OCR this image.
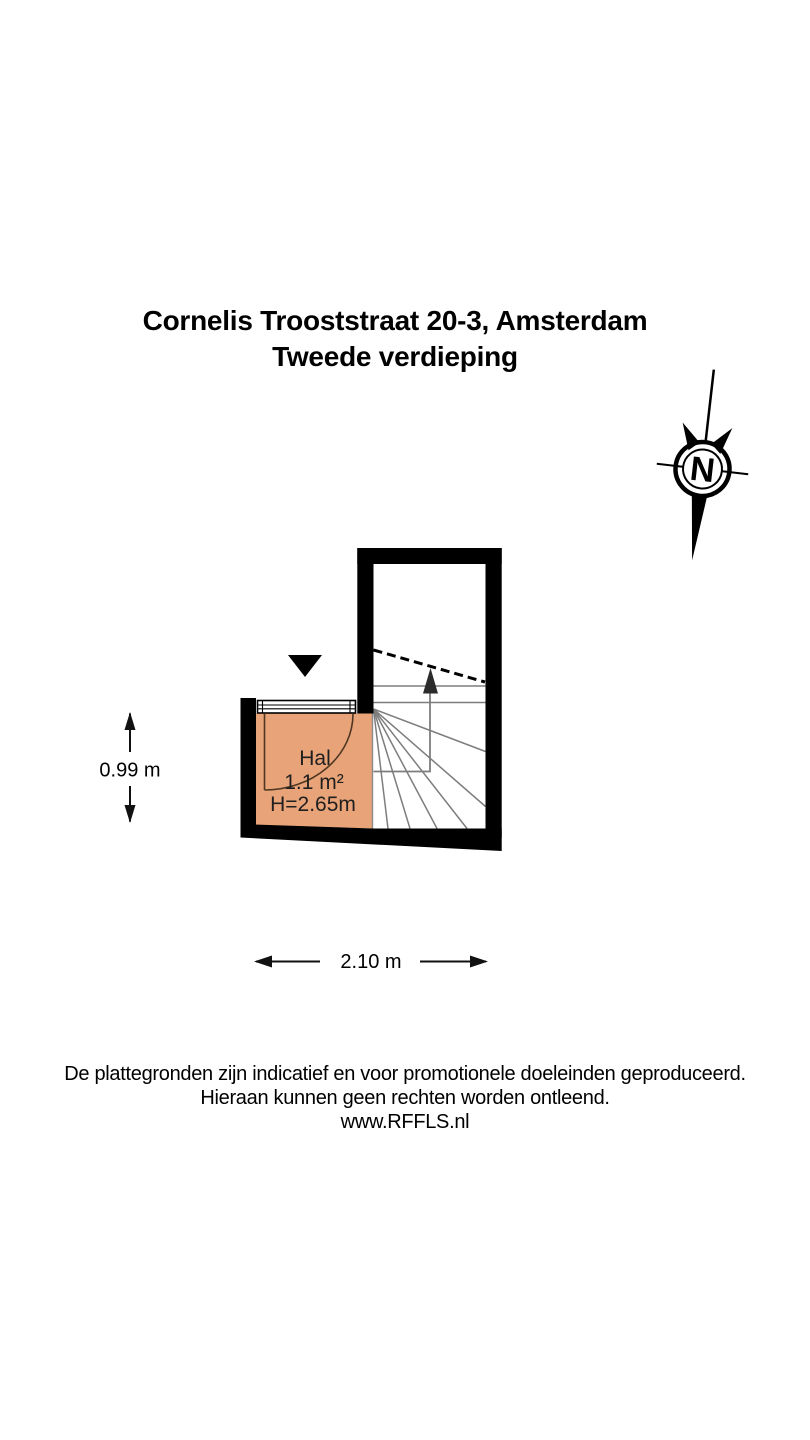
Cornelis Trooststraat 20-3, Amsterdam
Tweede verdieping
N
Hal
1.1 m²
H=2.65m
0.99 m
2.10 m
De plattegronden zijn indicatief en voor promotionele doeleinden geproduceerd.
Hieraan kunnen geen rechten worden ontleend.
www.RFFLS.nl
